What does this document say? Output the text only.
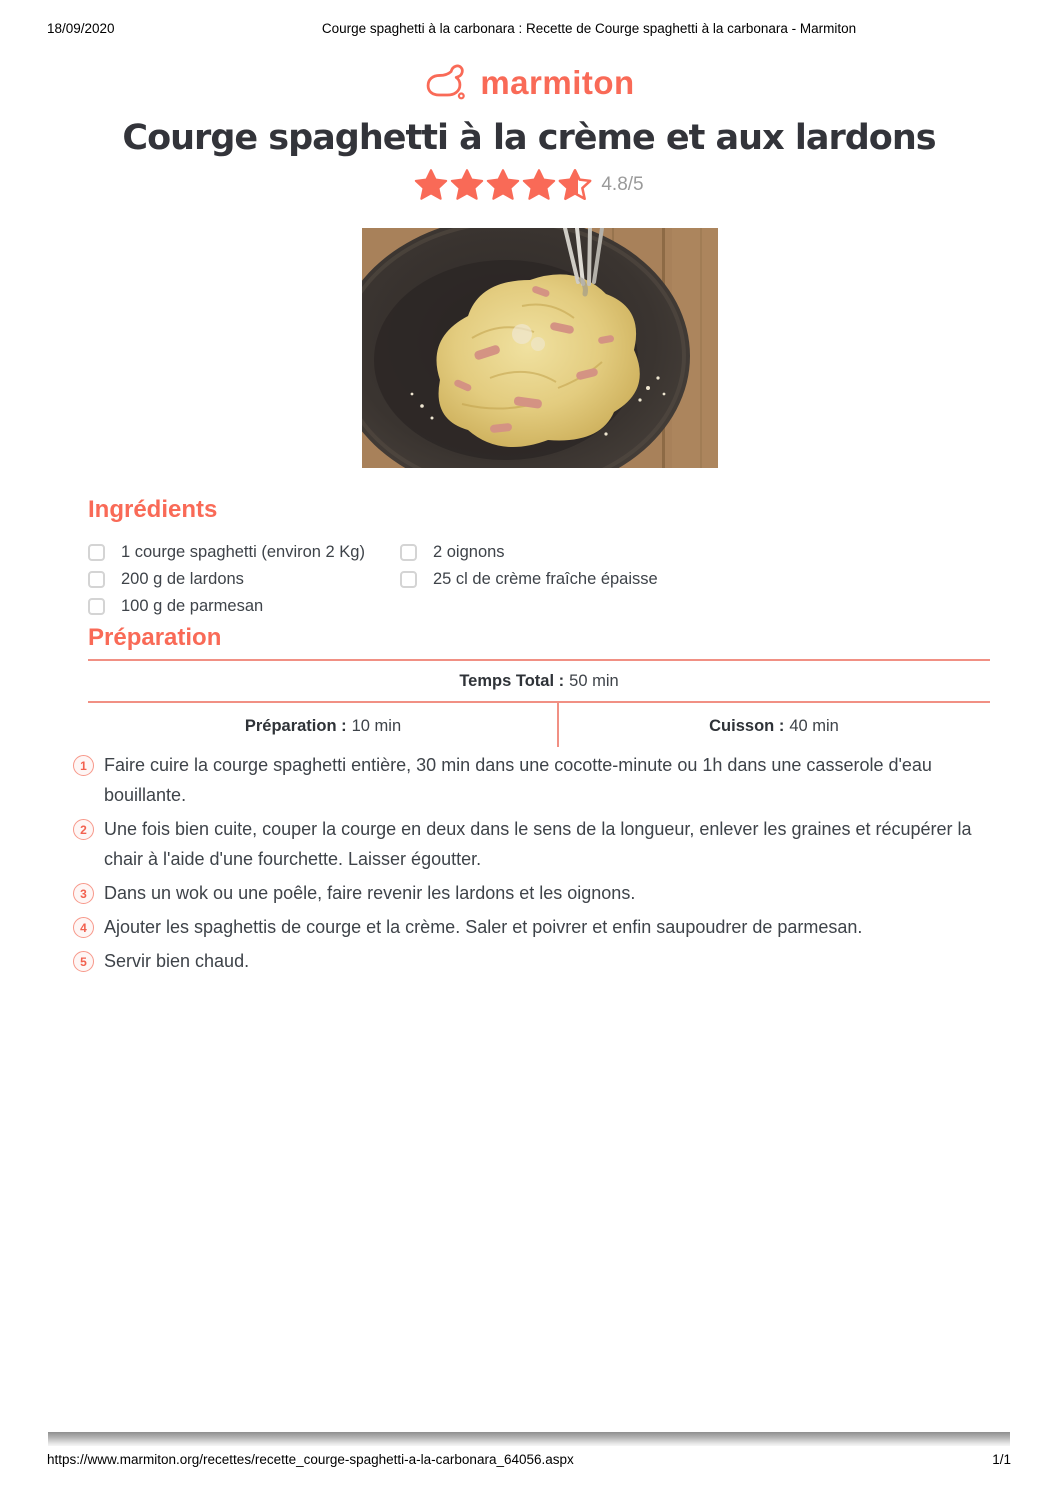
18/09/2020	Courge spaghetti à la carbonara : Recette de Courge spaghetti à la carbonara - Marmiton
marmiton
Courge spaghetti à la crème et aux lardons
4.8/5
Ingrédients
1 courge spaghetti (environ 2 Kg)
200 g de lardons
100 g de parmesan
2 oignons
25 cl de crème fraîche épaisse
Préparation
Temps Total : 50 min
Préparation : 10 min	Cuisson : 40 min
1 Faire cuire la courge spaghetti entière, 30 min dans une cocotte-minute ou 1h dans une casserole d'eau bouillante.
2 Une fois bien cuite, couper la courge en deux dans le sens de la longueur, enlever les graines et récupérer la chair à l'aide d'une fourchette. Laisser égoutter.
3 Dans un wok ou une poêle, faire revenir les lardons et les oignons.
4 Ajouter les spaghettis de courge et la crème. Saler et poivrer et enfin saupoudrer de parmesan.
5 Servir bien chaud.
https://www.marmiton.org/recettes/recette_courge-spaghetti-a-la-carbonara_64056.aspx	1/1
